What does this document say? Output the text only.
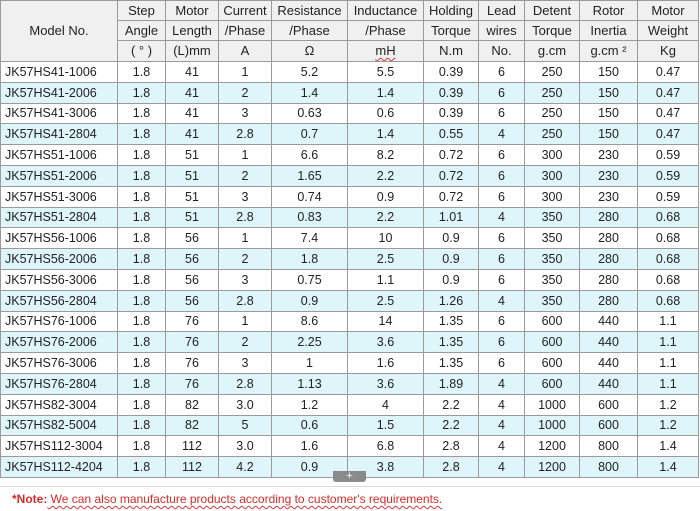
Model No.	Step	Motor	Current	Resistance	Inductance	Holding	Lead	Detent	Rotor	Motor
	Angle	Length	/Phase	/Phase	/Phase	Torque	wires	Torque	Inertia	Weight
	( ° )	(L)mm	A	Ω	mH	N.m	No.	g.cm	g.cm ²	Kg
JK57HS41-1006	1.8	41	1	5.2	5.5	0.39	6	250	150	0.47
JK57HS41-2006	1.8	41	2	1.4	1.4	0.39	6	250	150	0.47
JK57HS41-3006	1.8	41	3	0.63	0.6	0.39	6	250	150	0.47
JK57HS41-2804	1.8	41	2.8	0.7	1.4	0.55	4	250	150	0.47
JK57HS51-1006	1.8	51	1	6.6	8.2	0.72	6	300	230	0.59
JK57HS51-2006	1.8	51	2	1.65	2.2	0.72	6	300	230	0.59
JK57HS51-3006	1.8	51	3	0.74	0.9	0.72	6	300	230	0.59
JK57HS51-2804	1.8	51	2.8	0.83	2.2	1.01	4	350	280	0.68
JK57HS56-1006	1.8	56	1	7.4	10	0.9	6	350	280	0.68
JK57HS56-2006	1.8	56	2	1.8	2.5	0.9	6	350	280	0.68
JK57HS56-3006	1.8	56	3	0.75	1.1	0.9	6	350	280	0.68
JK57HS56-2804	1.8	56	2.8	0.9	2.5	1.26	4	350	280	0.68
JK57HS76-1006	1.8	76	1	8.6	14	1.35	6	600	440	1.1
JK57HS76-2006	1.8	76	2	2.25	3.6	1.35	6	600	440	1.1
JK57HS76-3006	1.8	76	3	1	1.6	1.35	6	600	440	1.1
JK57HS76-2804	1.8	76	2.8	1.13	3.6	1.89	4	600	440	1.1
JK57HS82-3004	1.8	82	3.0	1.2	4	2.2	4	1000	600	1.2
JK57HS82-5004	1.8	82	5	0.6	1.5	2.2	4	1000	600	1.2
JK57HS112-3004	1.8	112	3.0	1.6	6.8	2.8	4	1200	800	1.4
JK57HS112-4204	1.8	112	4.2	0.9	3.8	2.8	4	1200	800	1.4
+
*Note: We can also manufacture products according to customer's requirements.
